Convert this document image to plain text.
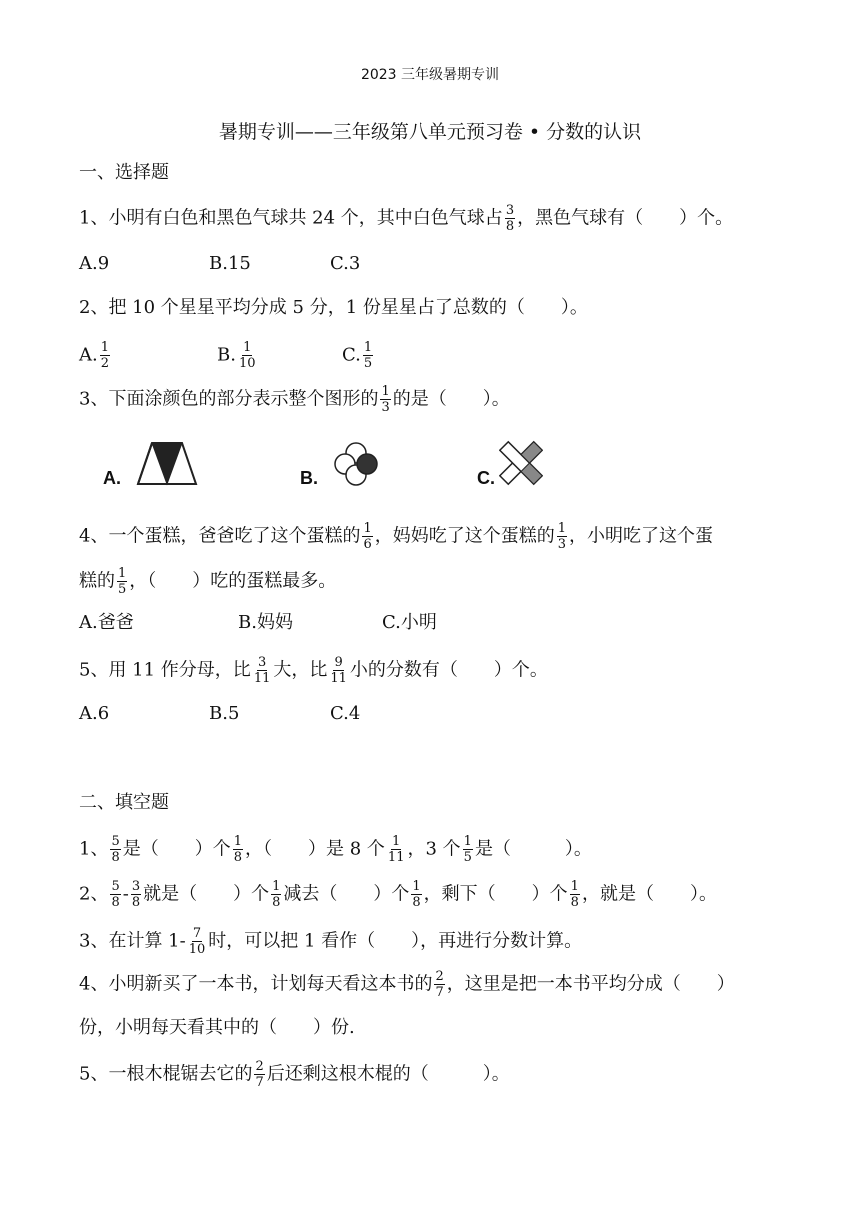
2023 三年级暑期专训
暑期专训——三年级第八单元预习卷 • 分数的认识
一、选择题
1、小明有白色和黑色气球共 24 个，其中白色气球占 $\frac{3}{8}$ ，黑色气球有（　　）个。
A.9	B.15	C.3
2、把 10 个星星平均分成 5 分，1 份星星占了总数的（　　）。
A. $\frac{1}{2}$	B. $\frac{1}{10}$	C. $\frac{1}{5}$
3、下面涂颜色的部分表示整个图形的 $\frac{1}{3}$ 的是（　　）。
A.	B.	C.
4、一个蛋糕，爸爸吃了这个蛋糕的 $\frac{1}{6}$ ，妈妈吃了这个蛋糕的 $\frac{1}{3}$ ，小明吃了这个蛋
糕的 $\frac{1}{5}$ ，（　　）吃的蛋糕最多。
A.爸爸	B.妈妈	C.小明
5、用 11 作分母，比 $\frac{3}{11}$ 大，比 $\frac{9}{11}$ 小的分数有（　　）个。
A.6	B.5	C.4
二、填空题
1、 $\frac{5}{8}$ 是（　　）个 $\frac{1}{8}$ ，（　　）是 8 个 $\frac{1}{11}$ ，3 个 $\frac{1}{5}$ 是（　　　）。
2、 $\frac{5}{8} - \frac{3}{8}$ 就是（　　）个 $\frac{1}{8}$ 减去（　　）个 $\frac{1}{8}$ ，剩下（　　）个 $\frac{1}{8}$ ，就是（　　）。
3、在计算 $1- \frac{7}{10}$ 时，可以把 1 看作（　　），再进行分数计算。
4、小明新买了一本书，计划每天看这本书的 $\frac{2}{7}$ ，这里是把一本书平均分成（　　）
份，小明每天看其中的（　　）份.
5、一根木棍锯去它的 $\frac{2}{7}$ 后还剩这根木棍的（　　　）。
